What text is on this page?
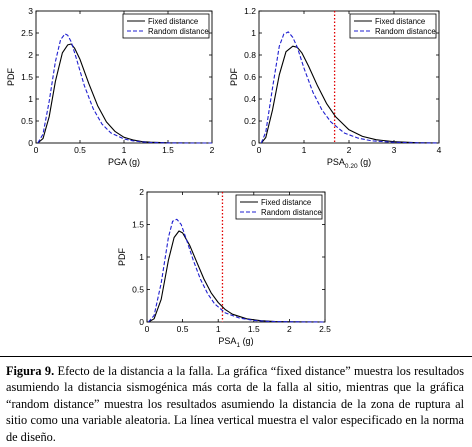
0	0.5	1	1.5	2
0
0.5
1
1.5
2
2.5
3
Fixed distance
Random distance
PDF
PGA (g)
0	1	2	3	4
0
0.2
0.4
0.6
0.8
1
1.2
Fixed distance
Random distance
PDF
$PSA_{0.20}$ (g)
0	0.5	1	1.5	2	2.5
0
0.5
1
1.5
2
Fixed distance
Random distance
PDF
$PSA_1$ (g)

Figura 9. Efecto de la distancia a la falla. La gráfica “fixed distance” muestra los resultados asumiendo la distancia sismogénica más corta de la falla al sitio, mientras que la gráfica “random distance” muestra los resultados asumiendo la distancia de la zona de ruptura al sitio como una variable aleatoria. La línea vertical muestra el valor especificado en la norma de diseño.
